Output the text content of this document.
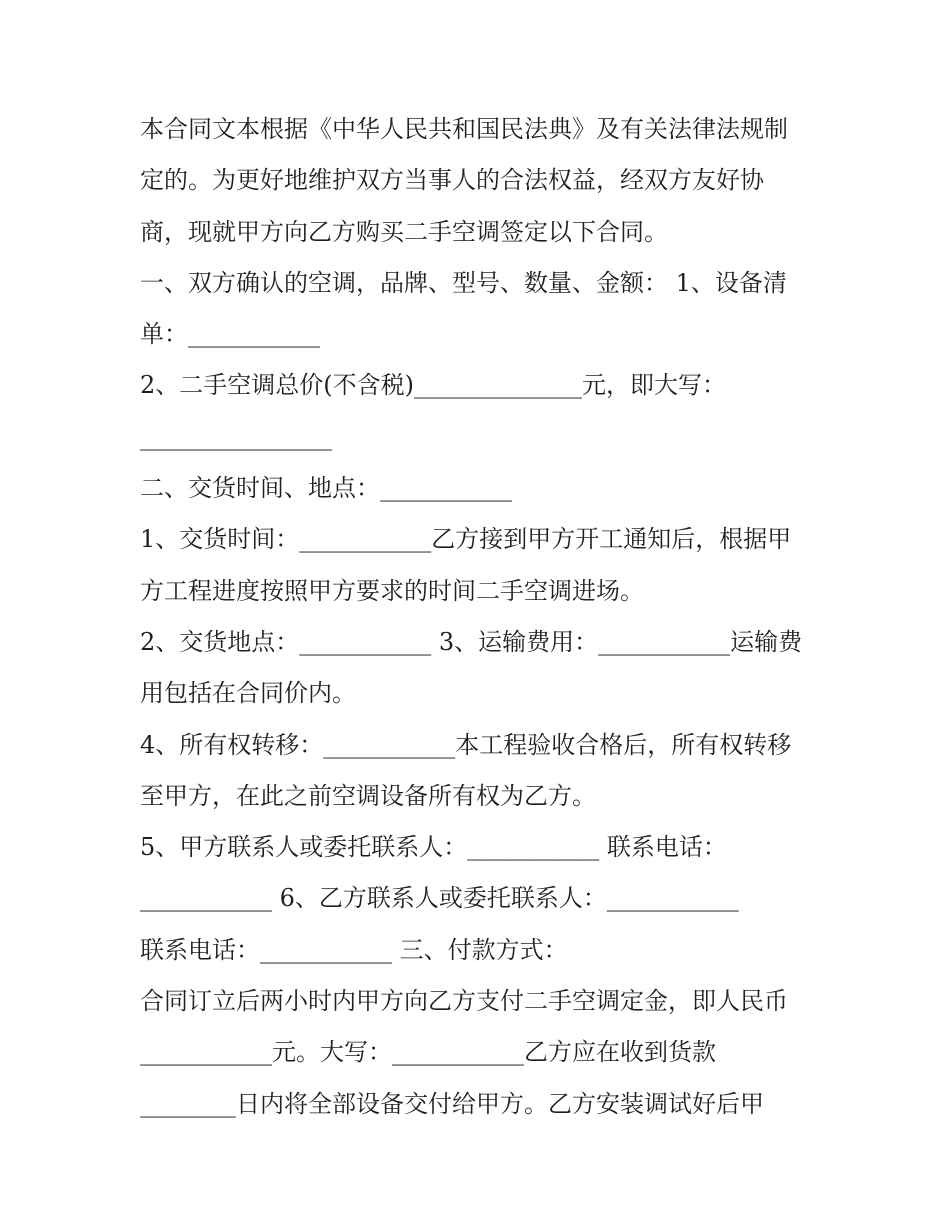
本合同文本根据《中华人民共和国民法典》及有关法律法规制
定的。为更好地维护双方当事人的合法权益，经双方友好协
商，现就甲方向乙方购买二手空调签定以下合同。
一、双方确认的空调，品牌、型号、数量、金额： 1、设备清
单：___________
2、二手空调总价(不含税)______________元，即大写：
________________
二、交货时间、地点：___________
1、交货时间：___________乙方接到甲方开工通知后，根据甲
方工程进度按照甲方要求的时间二手空调进场。
2、交货地点：___________ 3、运输费用：___________运输费
用包括在合同价内。
4、所有权转移：___________本工程验收合格后，所有权转移
至甲方，在此之前空调设备所有权为乙方。
5、甲方联系人或委托联系人：___________ 联系电话：
___________ 6、乙方联系人或委托联系人：___________
联系电话：___________ 三、付款方式：
合同订立后两小时内甲方向乙方支付二手空调定金，即人民币
___________元。大写：___________乙方应在收到货款
________日内将全部设备交付给甲方。乙方安装调试好后甲
